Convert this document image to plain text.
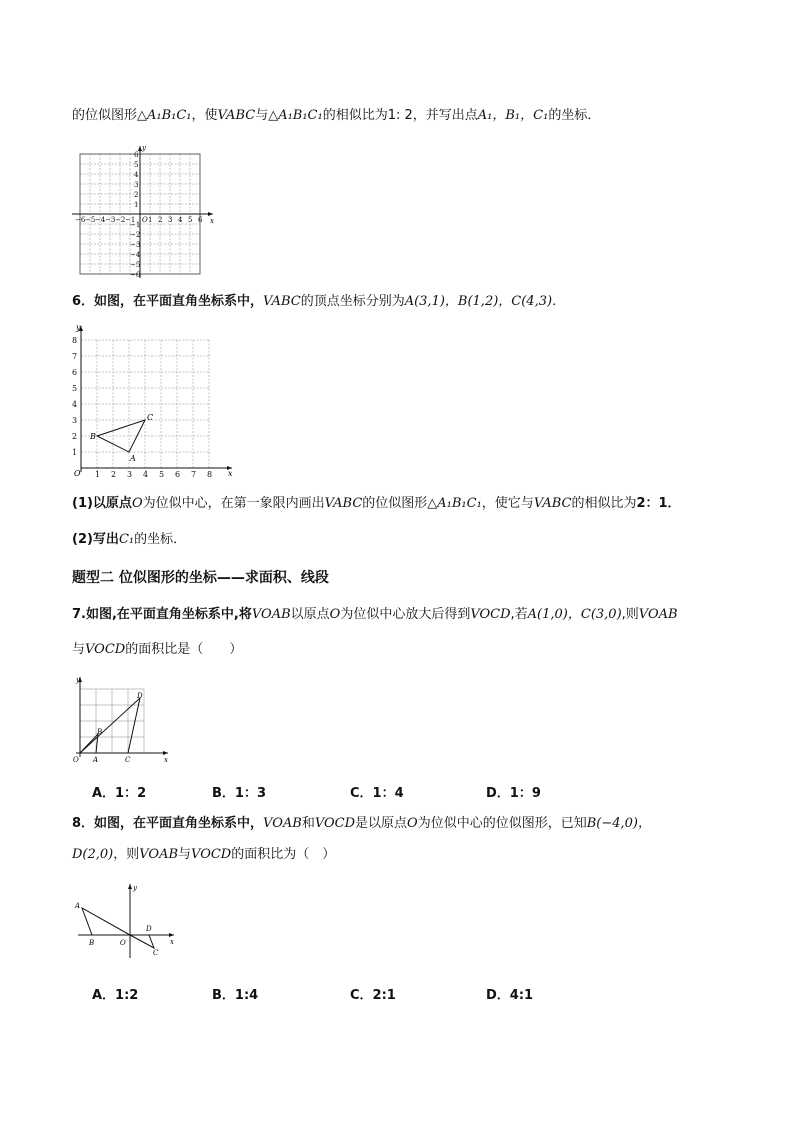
的位似图形△A₁B₁C₁，使VABC与△A₁B₁C₁的相似比为1: 2，并写出点A₁，B₁，C₁的坐标．
−6 −5 −4 −3 −2 −1 1 2 3 4 5 6
6
5
4
3
2
1
−1
−2
−3
−4
−5
−6
y
x
O
6．如图，在平面直角坐标系中，VABC的顶点坐标分别为A(3,1)，B(1,2)，C(4,3)．
1 2 3 4 5 6 7 8
1
2
3
4
5
6
7
8
A
B
C
O
y
x
(1)以原点O为位似中心，在第一象限内画出VABC的位似图形△A₁B₁C₁，使它与VABC的相似比为2：1．
(2)写出C₁的坐标．
题型二 位似图形的坐标——求面积、线段
7.如图,在平面直角坐标系中,将VOAB以原点O为位似中心放大后得到VOCD,若A(1,0)，C(3,0),则VOAB
与VOCD的面积比是（　　）
O A	C
B
D
y
x
A．1：2	B．1：3	C．1：4	D．1：9
8．如图，在平面直角坐标系中，VOAB和VOCD是以原点O为位似中心的位似图形，已知B(−4,0)，
D(2,0)，则VOAB与VOCD的面积比为（　）
A
B	O
C
D
y
x
A．1:2	B．1:4	C．2:1	D．4:1
